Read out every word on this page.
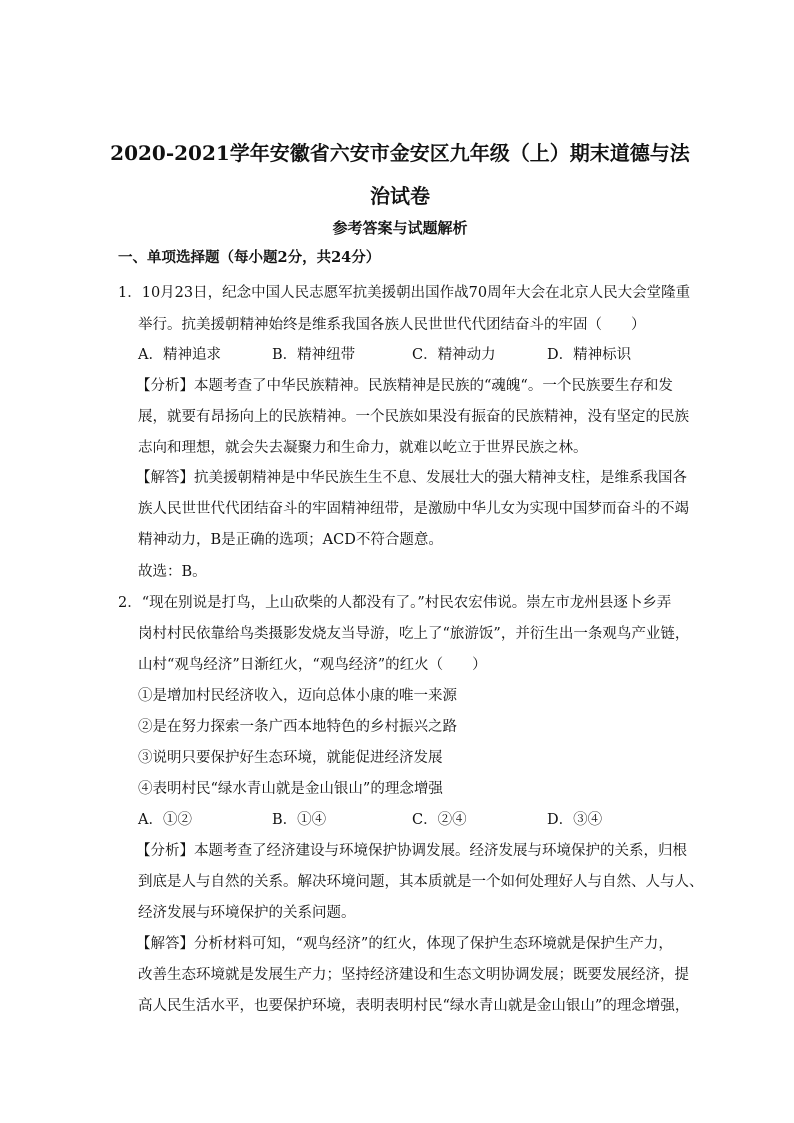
2020-2021学年安徽省六安市金安区九年级（上）期末道德与法
治试卷
参考答案与试题解析
一、单项选择题（每小题2分，共24分）
1．10月23日，纪念中国人民志愿军抗美援朝出国作战70周年大会在北京人民大会堂隆重
举行。抗美援朝精神始终是维系我国各族人民世世代代团结奋斗的牢固（　　）
A．精神追求	B．精神纽带	C．精神动力	D．精神标识
【分析】本题考查了中华民族精神。民族精神是民族的“魂魄“。一个民族要生存和发
展，就要有昂扬向上的民族精神。一个民族如果没有振奋的民族精神，没有坚定的民族
志向和理想，就会失去凝聚力和生命力，就难以屹立于世界民族之林。
【解答】抗美援朝精神是中华民族生生不息、发展壮大的强大精神支柱，是维系我国各
族人民世世代代团结奋斗的牢固精神纽带，是激励中华儿女为实现中国梦而奋斗的不竭
精神动力，B是正确的选项；ACD不符合题意。
故选：B。
2．“现在别说是打鸟，上山砍柴的人都没有了。”村民农宏伟说。崇左市龙州县逐卜乡弄
岗村村民依靠给鸟类摄影发烧友当导游，吃上了“旅游饭”，并衍生出一条观鸟产业链，
山村“观鸟经济”日渐红火，“观鸟经济”的红火（　　）
①是增加村民经济收入，迈向总体小康的唯一来源
②是在努力探索一条广西本地特色的乡村振兴之路
③说明只要保护好生态环境，就能促进经济发展
④表明村民“绿水青山就是金山银山”的理念增强
A．①②	B．①④	C．②④	D．③④
【分析】本题考查了经济建设与环境保护协调发展。经济发展与环境保护的关系，归根
到底是人与自然的关系。解决环境问题，其本质就是一个如何处理好人与自然、人与人、
经济发展与环境保护的关系问题。
【解答】分析材料可知，“观鸟经济”的红火，体现了保护生态环境就是保护生产力，
改善生态环境就是发展生产力；坚持经济建设和生态文明协调发展；既要发展经济，提
高人民生活水平，也要保护环境，表明表明村民“绿水青山就是金山银山”的理念增强，
